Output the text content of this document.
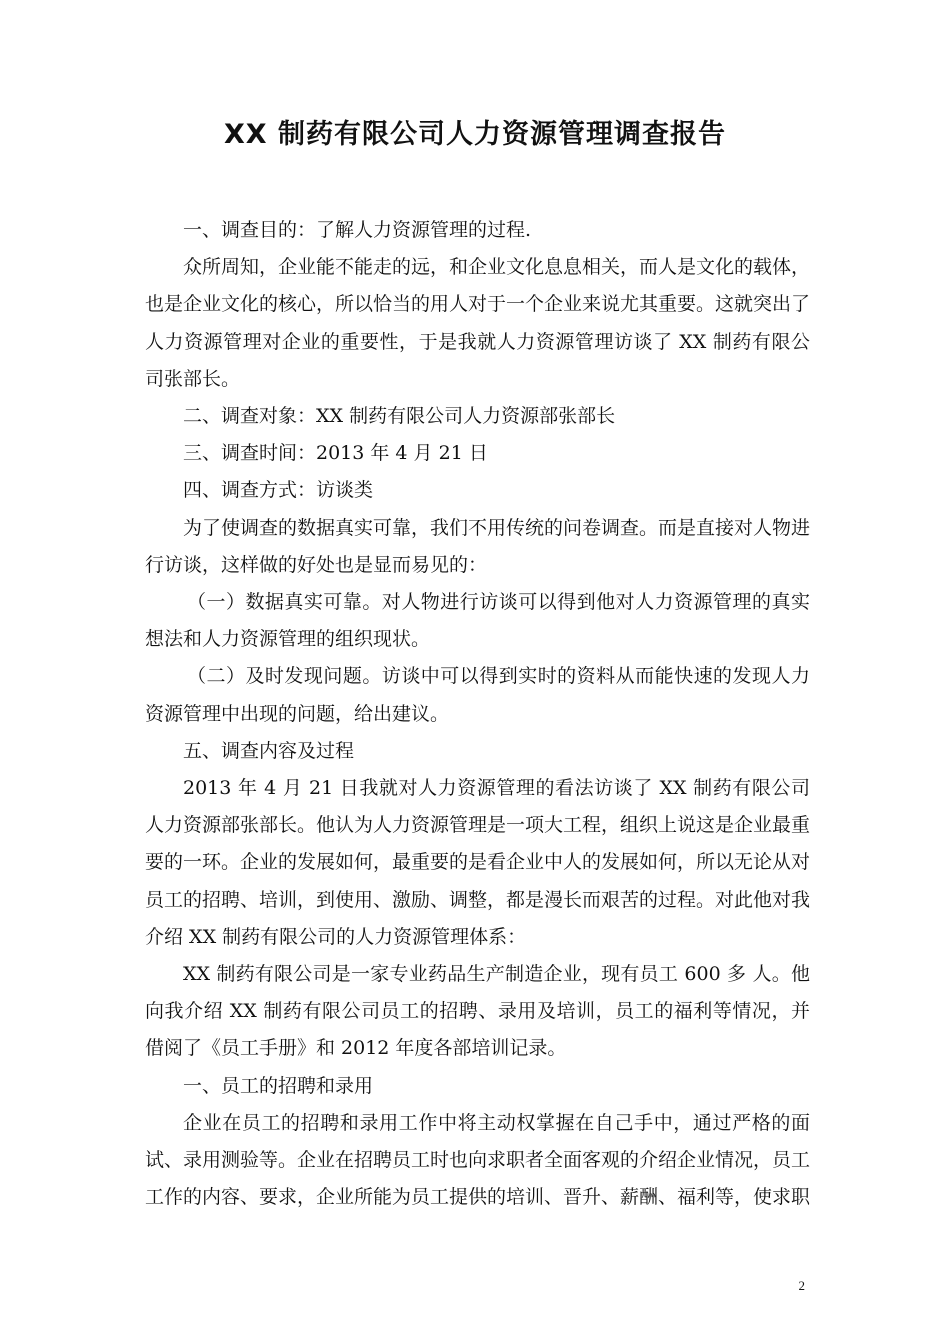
XX 制药有限公司人力资源管理调查报告

一、调查目的：了解人力资源管理的过程.

众所周知，企业能不能走的远，和企业文化息息相关，而人是文化的载体，也是企业文化的核心，所以恰当的用人对于一个企业来说尤其重要。这就突出了人力资源管理对企业的重要性，于是我就人力资源管理访谈了 XX 制药有限公司张部长。

二、调查对象：XX 制药有限公司人力资源部张部长

三、调查时间：2013 年 4 月 21 日

四、调查方式：访谈类

为了使调查的数据真实可靠，我们不用传统的问卷调查。而是直接对人物进行访谈，这样做的好处也是显而易见的：

（一）数据真实可靠。对人物进行访谈可以得到他对人力资源管理的真实想法和人力资源管理的组织现状。

（二）及时发现问题。访谈中可以得到实时的资料从而能快速的发现人力资源管理中出现的问题，给出建议。

五、调查内容及过程

2013 年 4 月 21 日我就对人力资源管理的看法访谈了 XX 制药有限公司人力资源部张部长。他认为人力资源管理是一项大工程，组织上说这是企业最重要的一环。企业的发展如何，最重要的是看企业中人的发展如何，所以无论从对员工的招聘、培训，到使用、激励、调整，都是漫长而艰苦的过程。对此他对我介绍 XX 制药有限公司的人力资源管理体系：

XX 制药有限公司是一家专业药品生产制造企业，现有员工 600 多 人。他向我介绍 XX 制药有限公司员工的招聘、录用及培训，员工的福利等情况，并借阅了《员工手册》和 2012 年度各部培训记录。

一、员工的招聘和录用

企业在员工的招聘和录用工作中将主动权掌握在自己手中，通过严格的面试、录用测验等。企业在招聘员工时也向求职者全面客观的介绍企业情况，员工工作的内容、要求，企业所能为员工提供的培训、晋升、薪酬、福利等，使求职

2
